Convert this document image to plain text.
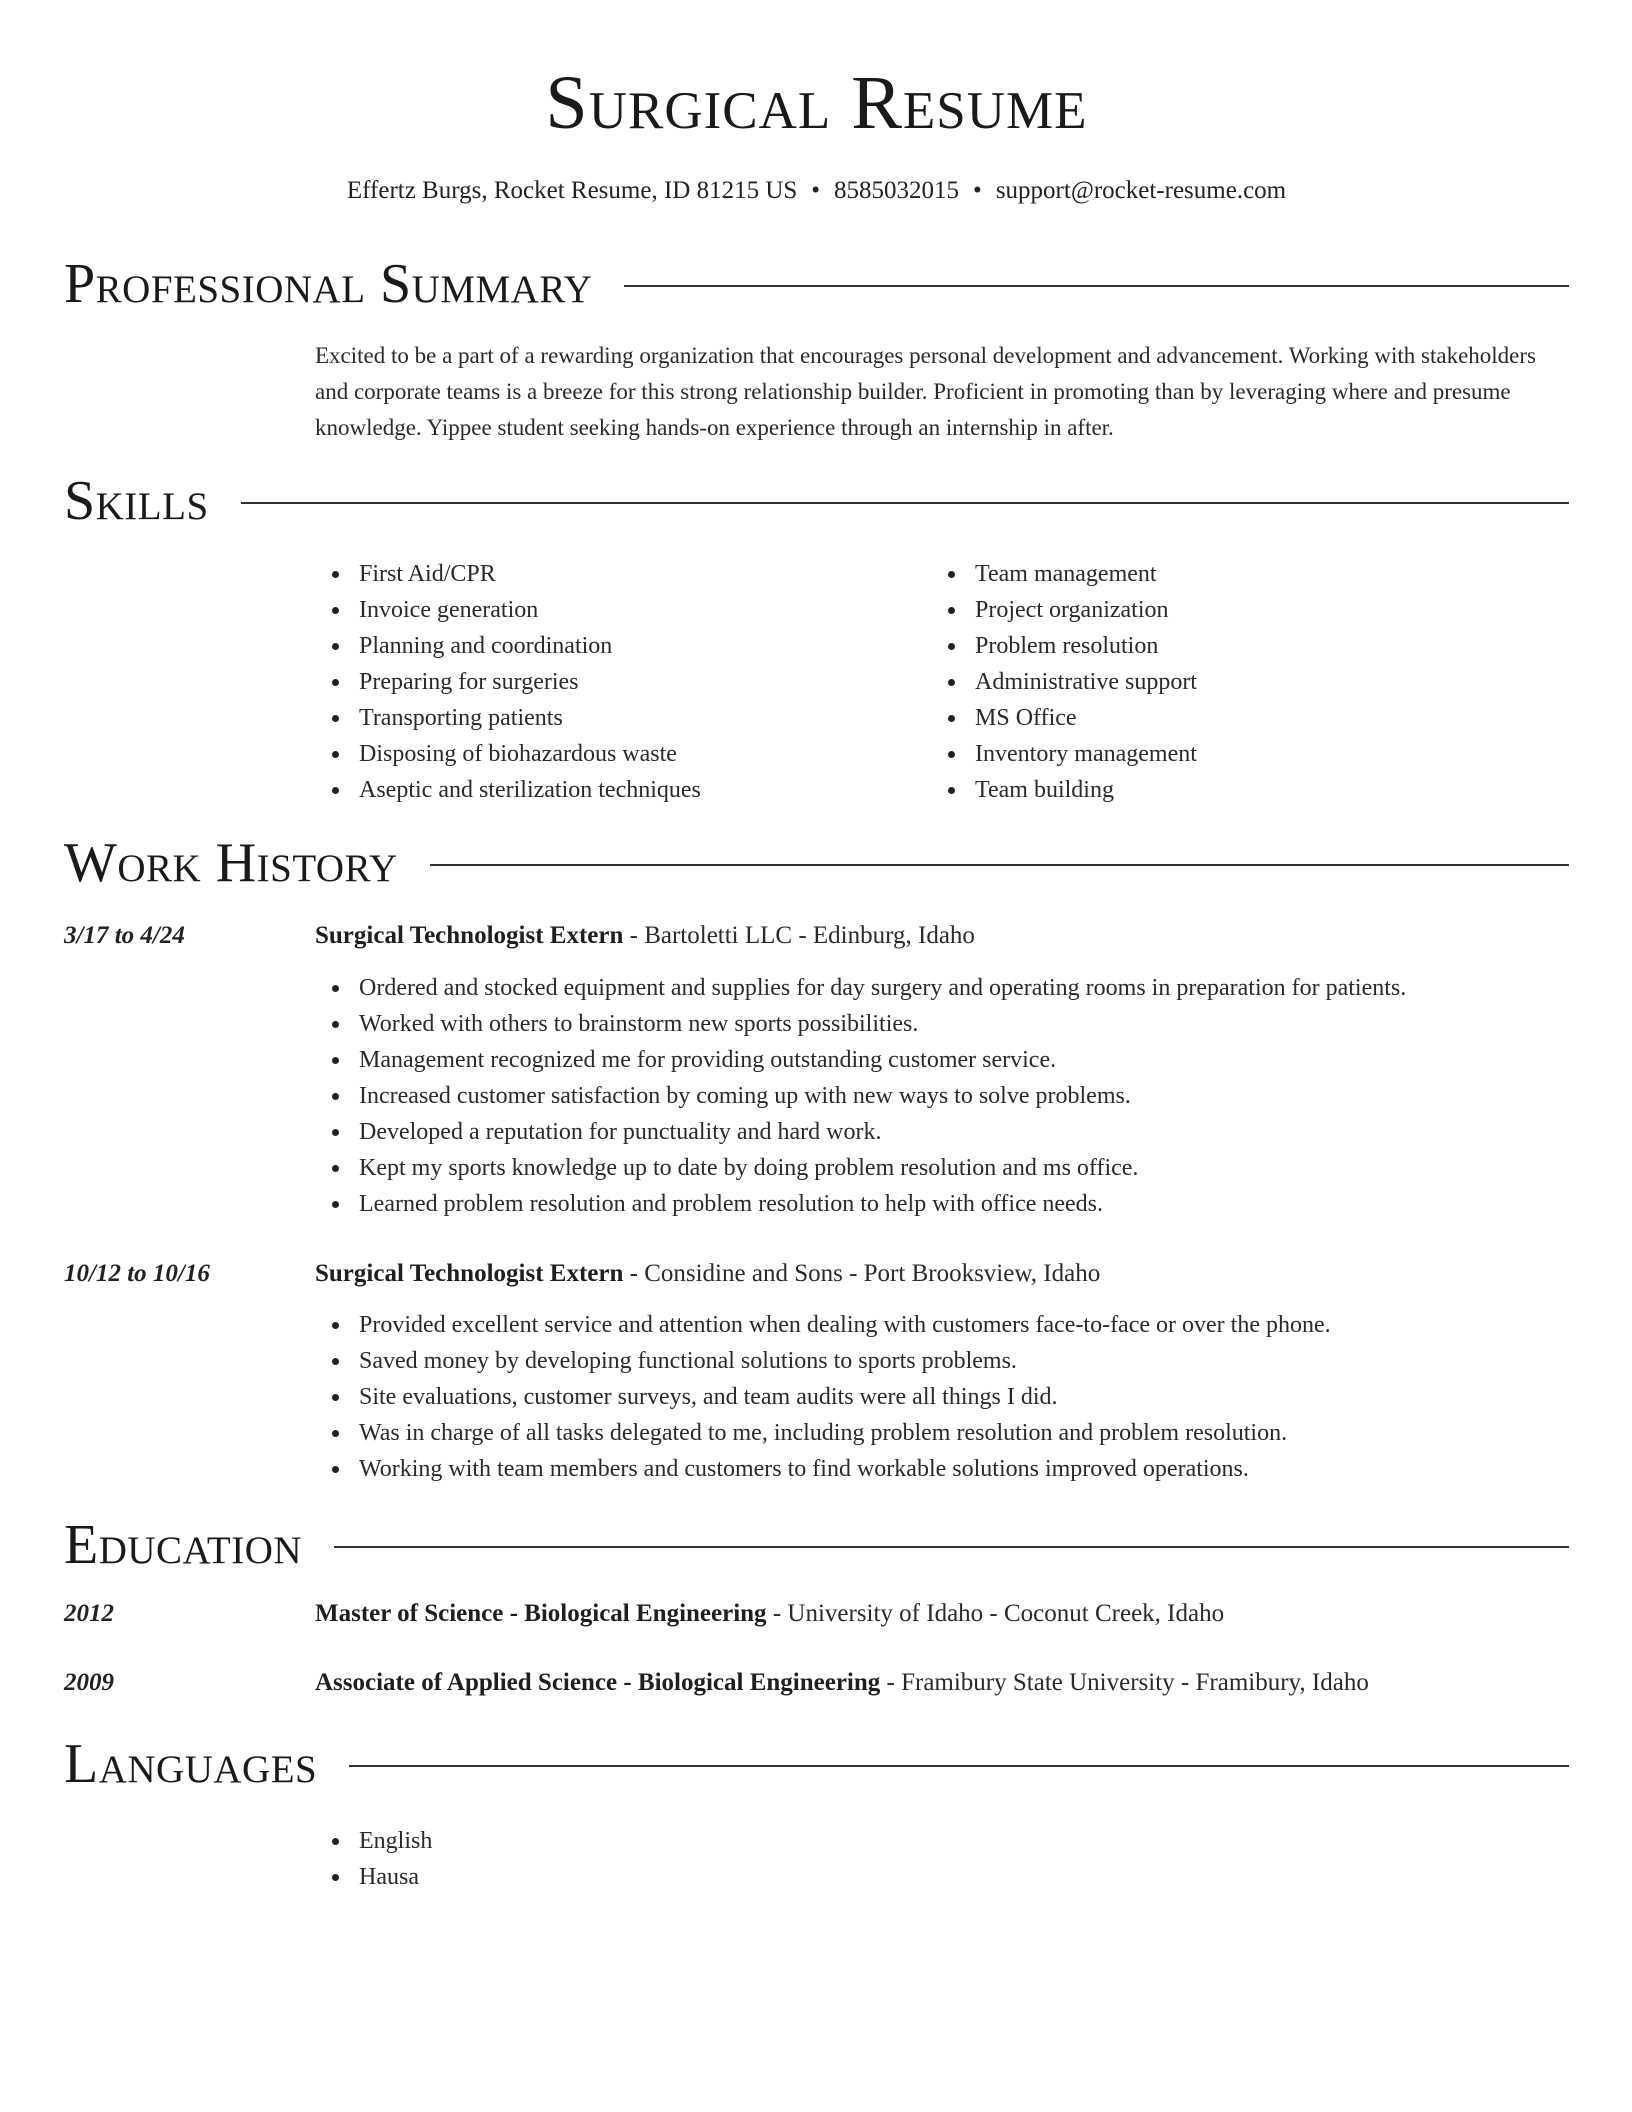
Surgical Resume
Effertz Burgs, Rocket Resume, ID 81215 US • 8585032015 • support@rocket-resume.com
Professional Summary
Excited to be a part of a rewarding organization that encourages personal development and advancement. Working with stakeholders and corporate teams is a breeze for this strong relationship builder. Proficient in promoting than by leveraging where and presume knowledge. Yippee student seeking hands-on experience through an internship in after.
Skills
First Aid/CPR
Invoice generation
Planning and coordination
Preparing for surgeries
Transporting patients
Disposing of biohazardous waste
Aseptic and sterilization techniques
Team management
Project organization
Problem resolution
Administrative support
MS Office
Inventory management
Team building
Work History
3/17 to 4/24	Surgical Technologist Extern - Bartoletti LLC - Edinburg, Idaho
Ordered and stocked equipment and supplies for day surgery and operating rooms in preparation for patients.
Worked with others to brainstorm new sports possibilities.
Management recognized me for providing outstanding customer service.
Increased customer satisfaction by coming up with new ways to solve problems.
Developed a reputation for punctuality and hard work.
Kept my sports knowledge up to date by doing problem resolution and ms office.
Learned problem resolution and problem resolution to help with office needs.
10/12 to 10/16	Surgical Technologist Extern - Considine and Sons - Port Brooksview, Idaho
Provided excellent service and attention when dealing with customers face-to-face or over the phone.
Saved money by developing functional solutions to sports problems.
Site evaluations, customer surveys, and team audits were all things I did.
Was in charge of all tasks delegated to me, including problem resolution and problem resolution.
Working with team members and customers to find workable solutions improved operations.
Education
2012	Master of Science - Biological Engineering - University of Idaho - Coconut Creek, Idaho
2009	Associate of Applied Science - Biological Engineering - Framibury State University - Framibury, Idaho
Languages
English
Hausa
